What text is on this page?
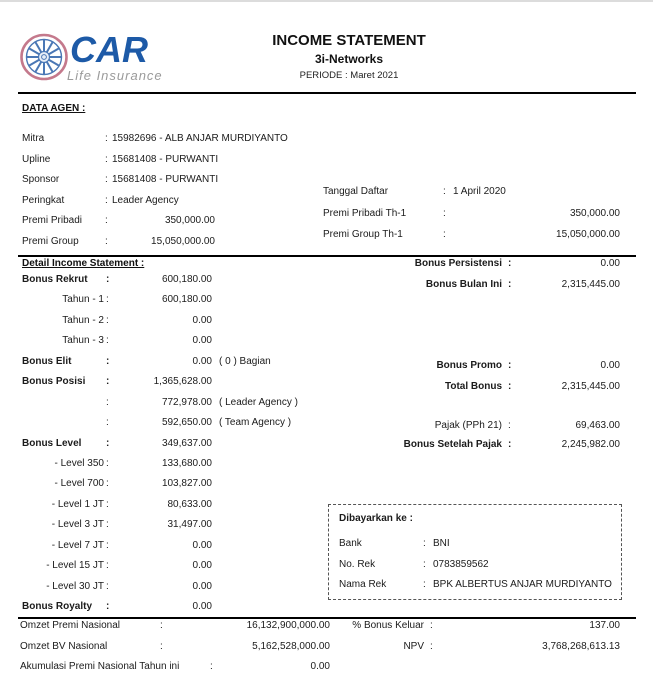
CAR
Life Insurance
INCOME STATEMENT
3i-Networks
PERIODE : Maret 2021
DATA AGEN :
Mitra	: 15982696 - ALB ANJAR MURDIYANTO
Upline	: 15681408 - PURWANTI
Sponsor	: 15681408 - PURWANTI
Peringkat	: Leader Agency
Premi Pribadi :	350,000.00
Premi Group	:	15,050,000.00
Tanggal Daftar	: 1 April 2020
Premi Pribadi Th-1	:	350,000.00
Premi Group Th-1	:	15,050,000.00
Detail Income Statement :
Bonus Rekrut	:	600,180.00
Tahun - 1 :	600,180.00
Tahun - 2 :	0.00
Tahun - 3 :	0.00
Bonus Elit	:	0.00 ( 0 ) Bagian
Bonus Posisi	:	1,365,628.00
:	772,978.00 ( Leader Agency )
:	592,650.00 ( Team Agency )
Bonus Level	:	349,637.00
- Level 350 :	133,680.00
- Level 700 :	103,827.00
- Level 1 JT :	80,633.00
- Level 3 JT :	31,497.00
- Level 7 JT :	0.00
- Level 15 JT :	0.00
- Level 30 JT :	0.00
Bonus Royalty	:	0.00
Bonus Persistensi :	0.00
Bonus Bulan Ini :	2,315,445.00
Bonus Promo :	0.00
Total Bonus :	2,315,445.00
Pajak (PPh 21) :	69,463.00
Bonus Setelah Pajak :	2,245,982.00
Dibayarkan ke :
Bank	: BNI
No. Rek	: 0783859562
Nama Rek	: BPK ALBERTUS ANJAR MURDIYANTO
Omzet Premi Nasional	:	16,132,900,000.00
Omzet BV Nasional	:	5,162,528,000.00
Akumulasi Premi Nasional Tahun ini	:	0.00
% Bonus Keluar :	137.00
NPV :	3,768,268,613.13
